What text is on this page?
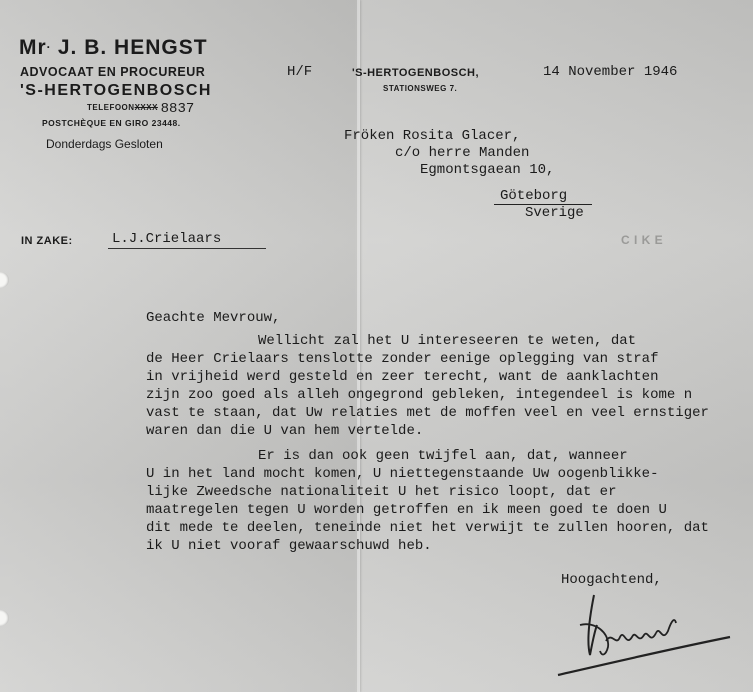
Mr. J. B. HENGST
ADVOCAAT EN PROCUREUR
'S-HERTOGENBOSCH
TELEFOONXXXX 8837
POSTCHÈQUE EN GIRO 23448.
Donderdags Gesloten
H/F	'S-HERTOGENBOSCH,
STATIONSWEG 7.
14 November 1946
Fröken Rosita Glacer,
c/o herre Manden
Egmontsgaean 10,
Göteborg
Sverige
C I K E
IN ZAKE:	L.J.Crielaars
Geachte Mevrouw,
Wellicht zal het U intereseeren te weten, dat
de Heer Crielaars tenslotte zonder eenige oplegging van straf
in vrijheid werd gesteld en zeer terecht, want de aanklachten
zijn zoo goed als alleh ongegrond gebleken, integendeel is kome n
vast te staan, dat Uw relaties met de moffen veel en veel ernstiger
waren dan die U van hem vertelde.
Er is dan ook geen twijfel aan, dat, wanneer
U in het land mocht komen, U niettegenstaande Uw oogenblikke-
lijke Zweedsche nationaliteit U het risico loopt, dat er
maatregelen tegen U worden getroffen en ik meen goed te doen U
dit mede te deelen, teneinde niet het verwijt te zullen hooren, dat
ik U niet vooraf gewaarschuwd heb.
Hoogachtend,
